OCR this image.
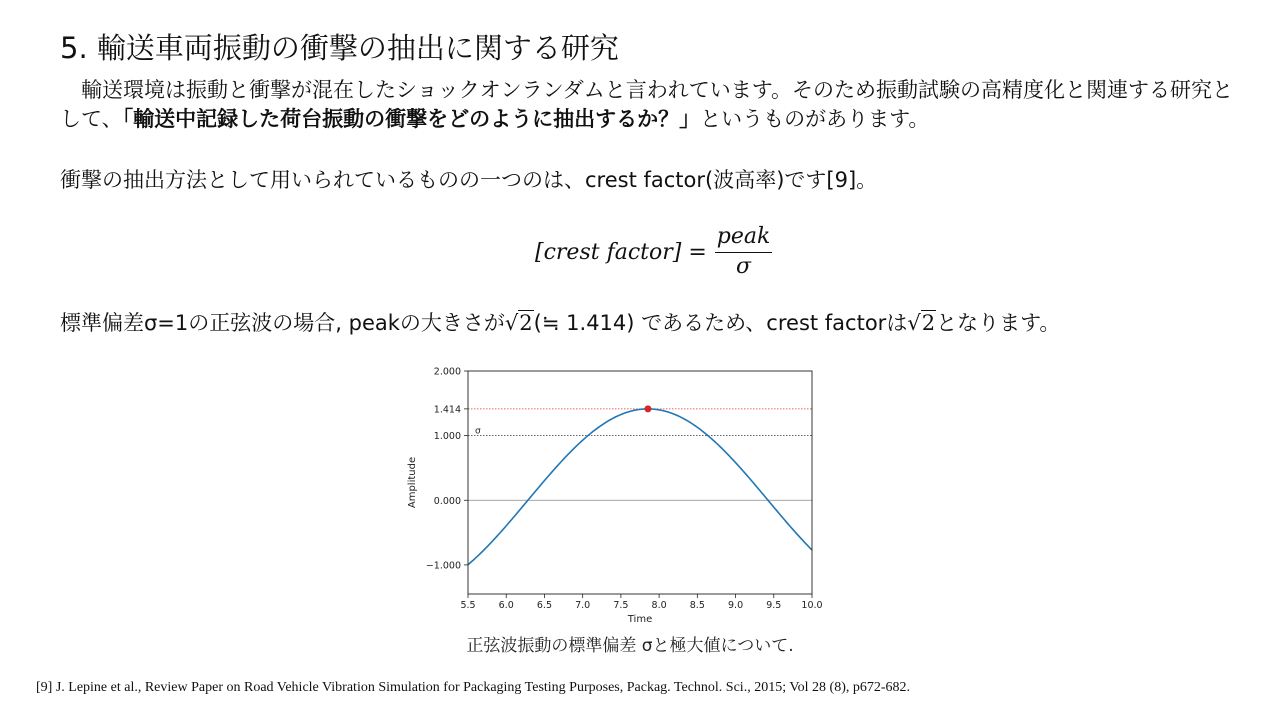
5. 輸送車両振動の衝撃の抽出に関する研究
　輸送環境は振動と衝撃が混在したショックオンランダムと言われています。そのため振動試験の高精度化と関連する研究として、「輸送中記録した荷台振動の衝撃をどのように抽出するか？」というものがあります。
衝撃の抽出方法として用いられているものの一つのは、crest factor(波高率)です[9]。
[crest factor] = $\frac{\text{peak}}{\sigma}$
標準偏差σ=1の正弦波の場合, peakの大きさが√2(≒ 1.414) であるため、crest factorは√2となります。
σ
5.5 6.0 6.5 7.0 7.5 8.0 8.5 9.0 9.5 10.0
−1.000
0.000
1.000
1.414
2.000
Time
Amplitude
正弦波振動の標準偏差 σと極大値について.
[9] J. Lepine et al., Review Paper on Road Vehicle Vibration Simulation for Packaging Testing Purposes, Packag. Technol. Sci., 2015; Vol 28 (8), p672-682.
